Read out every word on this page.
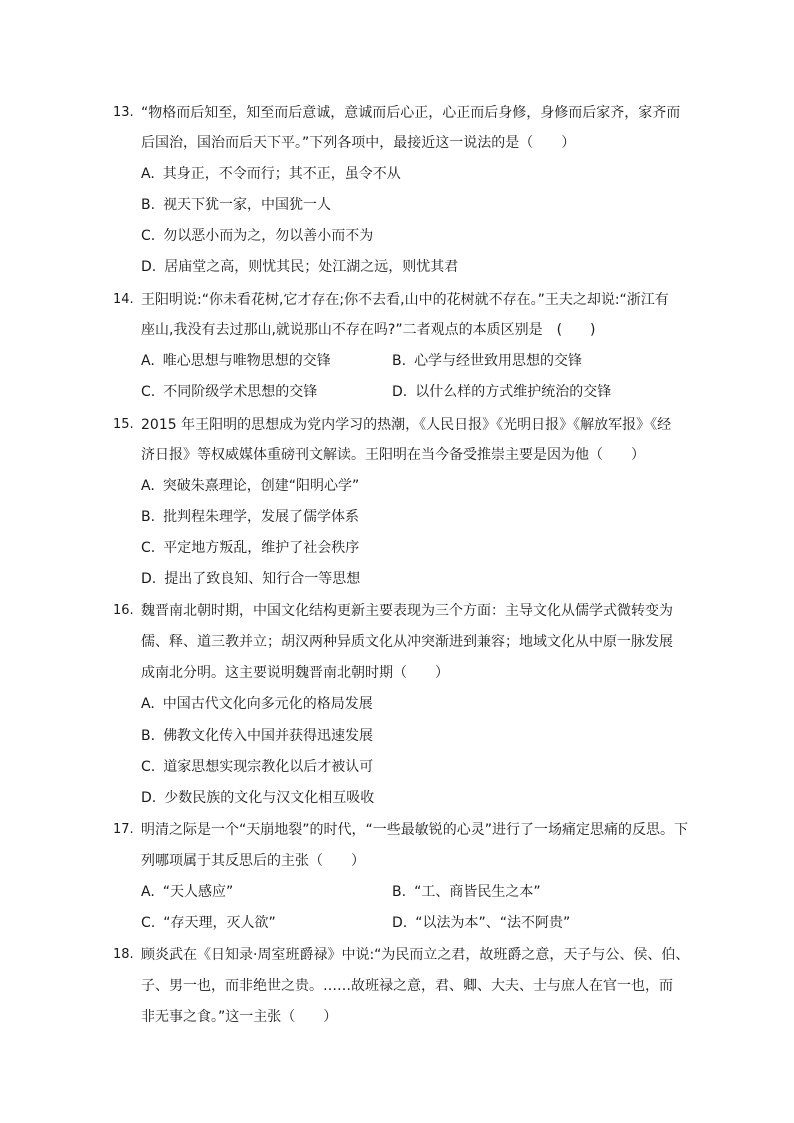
13. “物格而后知至，知至而后意诚，意诚而后心正，心正而后身修，身修而后家齐，家齐而
后国治，国治而后天下平。”下列各项中，最接近这一说法的是（　　）
A. 其身正，不令而行；其不正，虽令不从
B. 视天下犹一家，中国犹一人
C. 勿以恶小而为之，勿以善小而不为
D. 居庙堂之高，则忧其民；处江湖之远，则忧其君
14. 王阳明说:“你未看花树,它才存在;你不去看,山中的花树就不存在。”王夫之却说:“浙江有
座山,我没有去过那山,就说那山不存在吗?”二者观点的本质区别是　(　　)
A. 唯心思想与唯物思想的交锋	B. 心学与经世致用思想的交锋
C. 不同阶级学术思想的交锋	D. 以什么样的方式维护统治的交锋
15. 2015 年王阳明的思想成为党内学习的热潮，《人民日报》《光明日报》《解放军报》《经
济日报》等权威媒体重磅刊文解读。王阳明在当今备受推崇主要是因为他（　　）
A. 突破朱熹理论，创建“阳明心学”
B. 批判程朱理学，发展了儒学体系
C. 平定地方叛乱，维护了社会秩序
D. 提出了致良知、知行合一等思想
16. 魏晋南北朝时期，中国文化结构更新主要表现为三个方面：主导文化从儒学式微转变为
儒、释、道三教并立；胡汉两种异质文化从冲突渐进到兼容；地域文化从中原一脉发展
成南北分明。这主要说明魏晋南北朝时期（　　）
A. 中国古代文化向多元化的格局发展
B. 佛教文化传入中国并获得迅速发展
C. 道家思想实现宗教化以后才被认可
D. 少数民族的文化与汉文化相互吸收
17. 明清之际是一个“天崩地裂”的时代，“一些最敏锐的心灵”进行了一场痛定思痛的反思。下
列哪项属于其反思后的主张（　　）
A. “天人感应”	B. “工、商皆民生之本”
C. “存天理，灭人欲”	D. “以法为本”、“法不阿贵”
18. 顾炎武在《日知录·周室班爵禄》中说:“为民而立之君，故班爵之意，天子与公、侯、伯、
子、男一也，而非绝世之贵。……故班禄之意，君、卿、大夫、士与庶人在官一也，而
非无事之食。”这一主张（　　）
